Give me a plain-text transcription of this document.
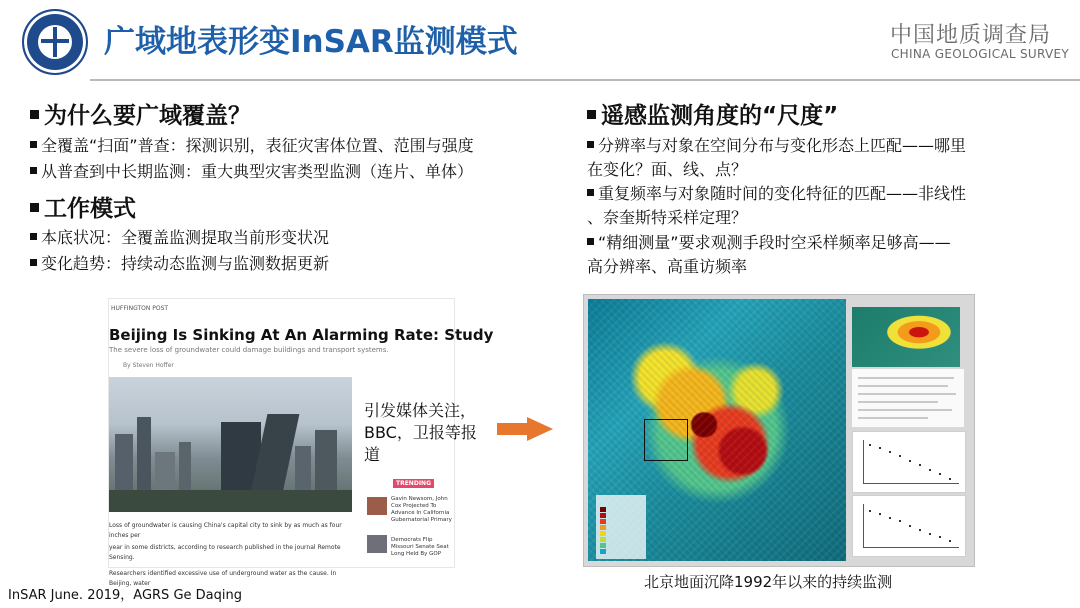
广域地表形变InSAR监测模式	中国地质调查局
CHINA GEOLOGICAL SURVEY
为什么要广域覆盖？
全覆盖“扫面”普查：探测识别，表征灾害体位置、范围与强度
从普查到中长期监测：重大典型灾害类型监测（连片、单体）
工作模式
本底状况：全覆盖监测提取当前形变状况
变化趋势：持续动态监测与监测数据更新
遥感监测角度的“尺度”
分辨率与对象在空间分布与变化形态上匹配——哪里
在变化？面、线、点？
重复频率与对象随时间的变化特征的匹配——非线性
、奈奎斯特采样定理？
“精细测量”要求观测手段时空采样频率足够高——
高分辨率、高重访频率
HUFFINGTON POST
Beijing Is Sinking At An Alarming Rate: Study
The severe loss of groundwater could damage buildings and transport systems.
By Steven Hoffer
Loss of groundwater is causing China's capital city to sink by as much as four inches per
year in some districts, according to research published in the journal Remote Sensing.
Researchers identified excessive use of underground water as the cause. In Beijing, water
TRENDING
Gavin Newsom, John Cox Projected To Advance In California Gubernatorial Primary
Democrats Flip Missouri Senate Seat Long Held By GOP
引发媒体关注，BBC，卫报等报道
北京地面沉降1992年以来的持续监测
InSAR June. 2019，AGRS Ge Daqing
